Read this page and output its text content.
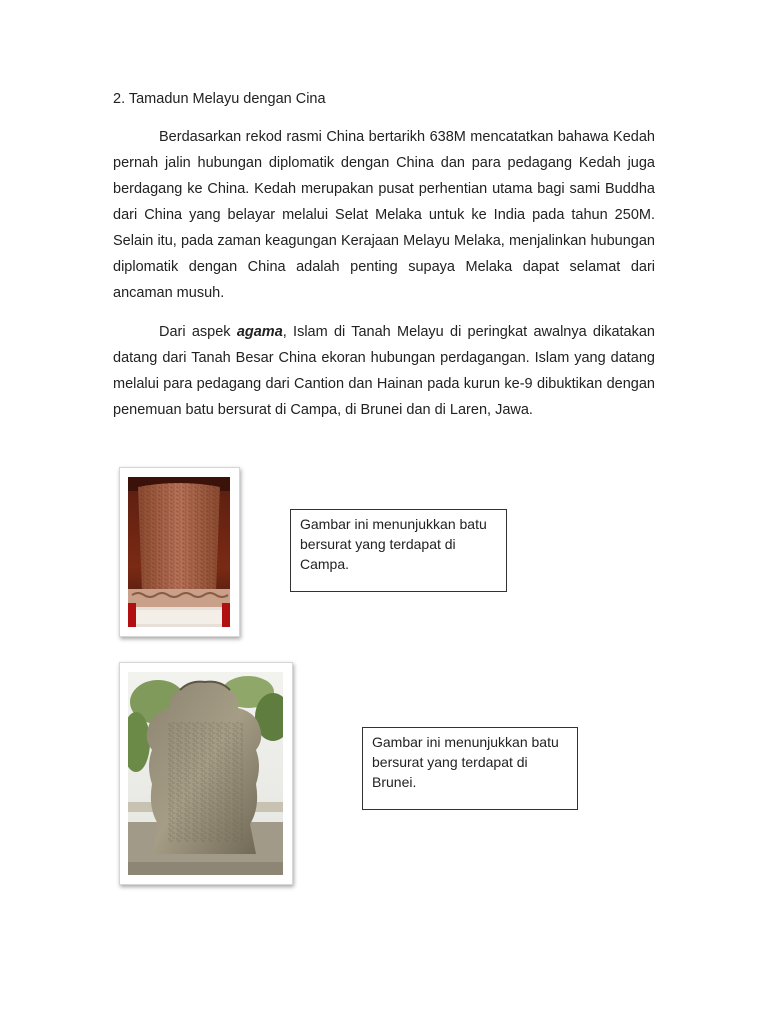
2. Tamadun Melayu dengan Cina

Berdasarkan rekod rasmi China bertarikh 638M mencatatkan bahawa Kedah pernah jalin hubungan diplomatik dengan China dan para pedagang Kedah juga berdagang ke China. Kedah merupakan pusat perhentian utama bagi sami Buddha dari China yang belayar melalui Selat Melaka untuk ke India pada tahun 250M. Selain itu, pada zaman keagungan Kerajaan Melayu Melaka, menjalinkan hubungan diplomatik dengan China adalah penting supaya Melaka dapat selamat dari ancaman musuh.

Dari aspek agama, Islam di Tanah Melayu di peringkat awalnya dikatakan datang dari Tanah Besar China ekoran hubungan perdagangan. Islam yang datang melalui para pedagang dari Cantion dan Hainan pada kurun ke-9 dibuktikan dengan penemuan batu bersurat di Campa, di Brunei dan di Laren, Jawa.

Gambar ini menunjukkan batu bersurat yang terdapat di Campa.
Gambar ini menunjukkan batu bersurat yang terdapat di Brunei.
